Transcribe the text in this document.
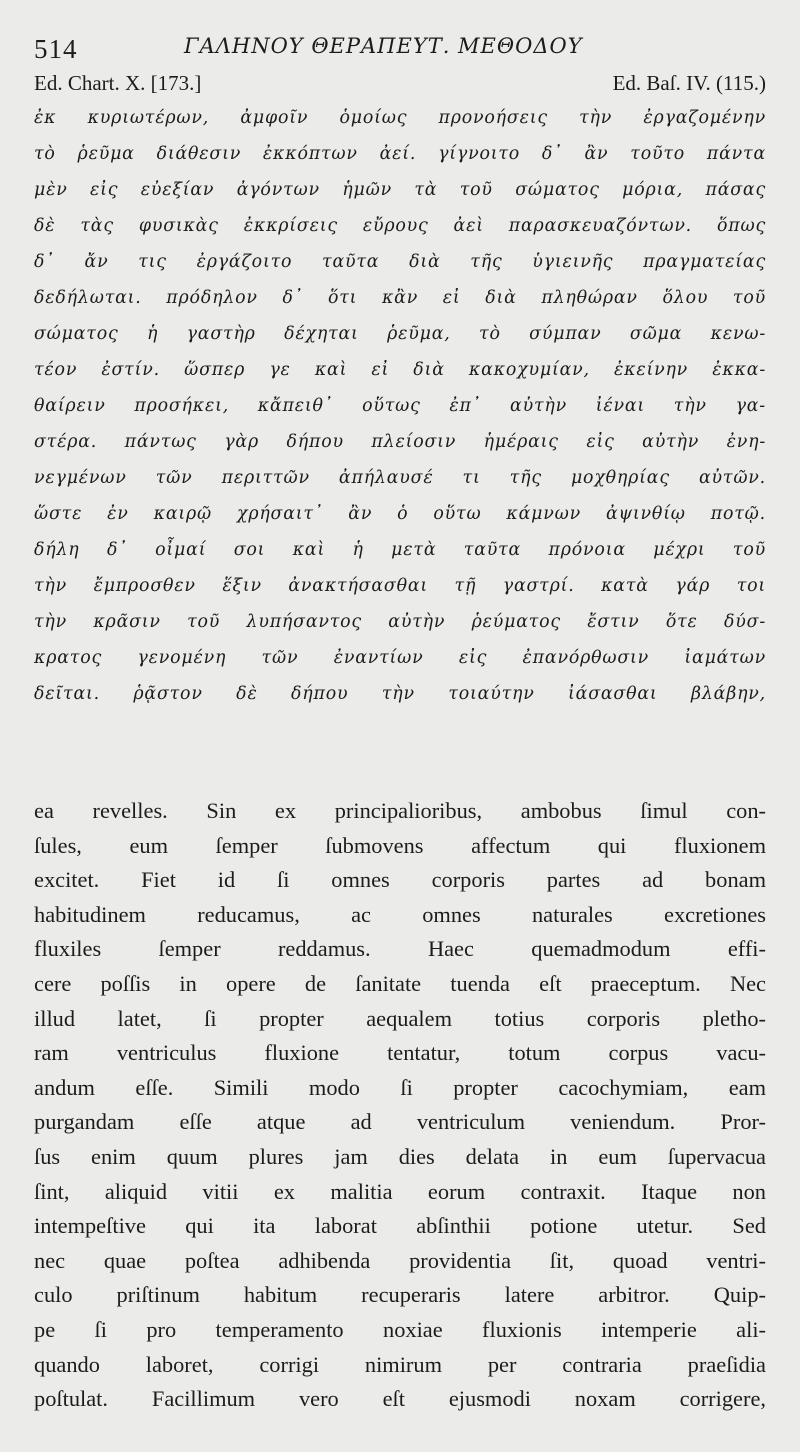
514	ΓΑΛΗΝΟΥ ΘΕΡΑΠΕΥΤ. ΜΕΘΟΔΟΥ
Ed. Chart. X. [173.]	Ed. Baſ. IV. (115.)
ἐκ κυριωτέρων, ἀμφοῖν ὁμοίως προνοήσεις τὴν ἐργαζομένην
τὸ ῥεῦμα διάθεσιν ἐκκόπτων ἀεί. γίγνοιτο δ᾽ ἂν τοῦτο πάντα
μὲν εἰς εὐεξίαν ἀγόντων ἡμῶν τὰ τοῦ σώματος μόρια, πάσας
δὲ τὰς φυσικὰς ἐκκρίσεις εὔρους ἀεὶ παρασκευαζόντων. ὅπως
δ᾽ ἄν τις ἐργάζοιτο ταῦτα διὰ τῆς ὑγιεινῆς πραγματείας
δεδήλωται. πρόδηλον δ᾽ ὅτι κἂν εἰ διὰ πληθώραν ὅλου τοῦ
σώματος ἡ γαστὴρ δέχηται ῥεῦμα, τὸ σύμπαν σῶμα κενω-
τέον ἐστίν. ὥσπερ γε καὶ εἰ διὰ κακοχυμίαν, ἐκείνην ἐκκα-
θαίρειν προσήκει, κἄπειθ᾽ οὕτως ἐπ᾽ αὐτὴν ἰέναι τὴν γα-
στέρα. πάντως γὰρ δήπου πλείοσιν ἡμέραις εἰς αὐτὴν ἐνη-
νεγμένων τῶν περιττῶν ἀπήλαυσέ τι τῆς μοχθηρίας αὐτῶν.
ὥστε ἐν καιρῷ χρήσαιτ᾽ ἂν ὁ οὕτω κάμνων ἀψινθίῳ ποτῷ.
δήλη δ᾽ οἶμαί σοι καὶ ἡ μετὰ ταῦτα πρόνοια μέχρι τοῦ
τὴν ἔμπροσθεν ἕξιν ἀνακτήσασθαι τῇ γαστρί. κατὰ γάρ τοι
τὴν κρᾶσιν τοῦ λυπήσαντος αὐτὴν ῥεύματος ἔστιν ὅτε δύσ-
κρατος γενομένη τῶν ἐναντίων εἰς ἐπανόρθωσιν ἰαμάτων
δεῖται. ῥᾷστον δὲ δήπου τὴν τοιαύτην ἰάσασθαι βλάβην,
ea revelles. Sin ex principalioribus, ambobus ſimul con-
ſules, eum ſemper ſubmovens affectum qui fluxionem
excitet. Fiet id ſi omnes corporis partes ad bonam
habitudinem reducamus, ac omnes naturales excretiones
fluxiles ſemper reddamus. Haec quemadmodum effi-
cere poſſis in opere de ſanitate tuenda eſt praeceptum. Nec
illud latet, ſi propter aequalem totius corporis pletho-
ram ventriculus fluxione tentatur, totum corpus vacu-
andum eſſe. Simili modo ſi propter cacochymiam, eam
purgandam eſſe atque ad ventriculum veniendum. Pror-
ſus enim quum plures jam dies delata in eum ſupervacua
ſint, aliquid vitii ex malitia eorum contraxit. Itaque non
intempeſtive qui ita laborat abſinthii potione utetur. Sed
nec quae poſtea adhibenda providentia ſit, quoad ventri-
culo priſtinum habitum recuperaris latere arbitror. Quip-
pe ſi pro temperamento noxiae fluxionis intemperie ali-
quando laboret, corrigi nimirum per contraria praeſidia
poſtulat. Facillimum vero eſt ejusmodi noxam corrigere,
